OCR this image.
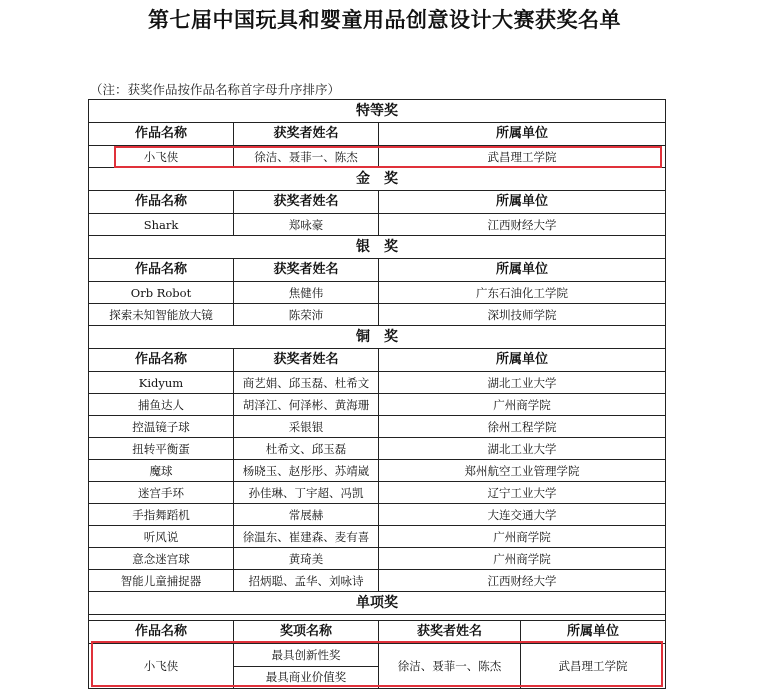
第七届中国玩具和婴童用品创意设计大赛获奖名单
（注：获奖作品按作品名称首字母升序排序）
特等奖			
作品名称	获奖者姓名	所属单位	
小飞侠	徐洁、聂菲一、陈杰	武昌理工学院	
金　奖			
作品名称	获奖者姓名	所属单位	
Shark	郑咏豪	江西财经大学	
银　奖			
作品名称	获奖者姓名	所属单位	
Orb Robot	焦健伟	广东石油化工学院	
探索未知智能放大镜	陈荣沛	深圳技师学院	
铜　奖			
作品名称	获奖者姓名	所属单位	
Kidyum	商艺娟、邱玉磊、杜希文	湖北工业大学	
捕鱼达人	胡泽江、何泽彬、黄海珊	广州商学院	
控温镜子球	采银银	徐州工程学院	
扭转平衡蛋	杜希文、邱玉磊	湖北工业大学	
魔球	杨晓玉、赵彤彤、苏靖崴	郑州航空工业管理学院	
迷宫手环	孙佳琳、丁宇超、冯凯	辽宁工业大学	
手指舞蹈机	常展赫	大连交通大学	
听风说	徐温东、崔建森、麦有喜	广州商学院	
意念迷宫球	黄琦美	广州商学院	
智能儿童捕捉器	招炳聪、孟华、刘咏诗	江西财经大学	
单项奖			

作品名称	奖项名称	获奖者姓名	所属单位
小飞侠	最具创新性奖	徐洁、聂菲一、陈杰	武昌理工学院
	最具商业价值奖		
